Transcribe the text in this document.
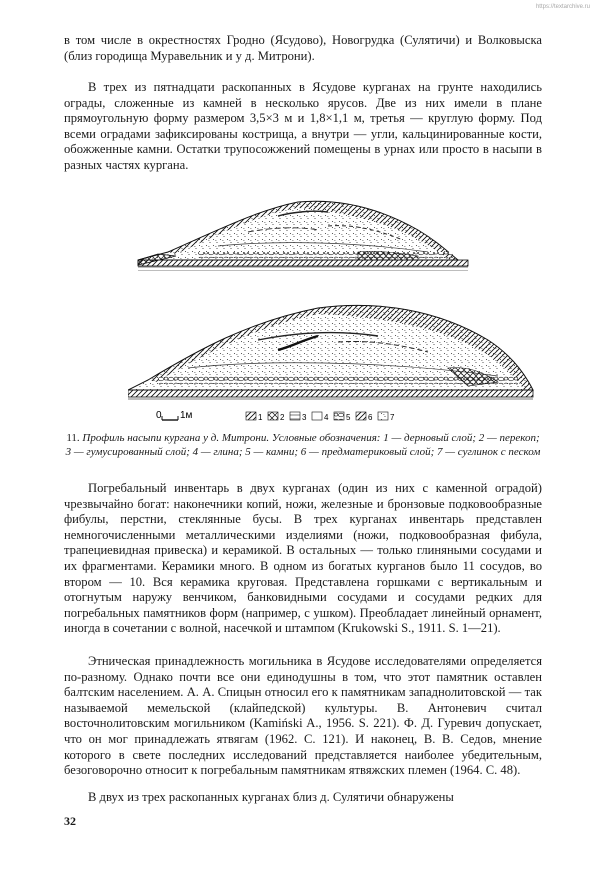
https://textarchive.ru

в том числе в окрестностях Гродно (Ясудово), Новогрудка (Сулятичи) и Волковыска (близ городища Муравельник и у д. Митрони).

В трех из пятнадцати раскопанных в Ясудове курганах на грунте находились ограды, сложенные из камней в несколько ярусов. Две из них имели в плане прямоугольную форму размером 3,5×3 м и 1,8×1,1 м, третья — круглую форму. Под всеми оградами зафиксированы кострища, а внутри — угли, кальцинированные кости, обожженные камни. Остатки трупосожжений помещены в урнах или просто в насыпи в разных частях кургана.

0 1м	1 2 3 4 5 6 7

11. Профиль насыпи кургана у д. Митрони. Условные обозначения: 1 — дерновый слой; 2 — перекоп; 3 — гумусированный слой; 4 — глина; 5 — камни; 6 — предматериковый слой; 7 — суглинок с песком

Погребальный инвентарь в двух курганах (один из них с каменной оградой) чрезвычайно богат: наконечники копий, ножи, железные и бронзовые подковообразные фибулы, перстни, стеклянные бусы. В трех курганах инвентарь представлен немногочисленными металлическими изделиями (ножи, подковообразная фибула, трапециевидная привеска) и керамикой. В остальных — только глиняными сосудами и их фрагментами. Керамики много. В одном из богатых курганов было 11 сосудов, во втором — 10. Вся керамика круговая. Представлена горшками с вертикальным и отогнутым наружу венчиком, банковидными сосудами и сосудами редких для погребальных памятников форм (например, с ушком). Преобладает линейный орнамент, иногда в сочетании с волной, насечкой и штампом (Krukowski S., 1911. S. 1—21).

Этническая принадлежность могильника в Ясудове исследователями определяется по-разному. Однако почти все они единодушны в том, что этот памятник оставлен балтским населением. А. А. Спицын относил его к памятникам западнолитовской — так называемой мемельской (клайпедской) культуры. В. Антоневич считал восточнолитовским могильником (Kamiński A., 1956. S. 221). Ф. Д. Гуревич допускает, что он мог принадлежать ятвягам (1962. С. 121). И наконец, В. В. Седов, мнение которого в свете последних исследований представляется наиболее убедительным, безоговорочно относит к погребальным памятникам ятвяжских племен (1964. С. 48).

В двух из трех раскопанных курганах близ д. Сулятичи обнаружены

32
